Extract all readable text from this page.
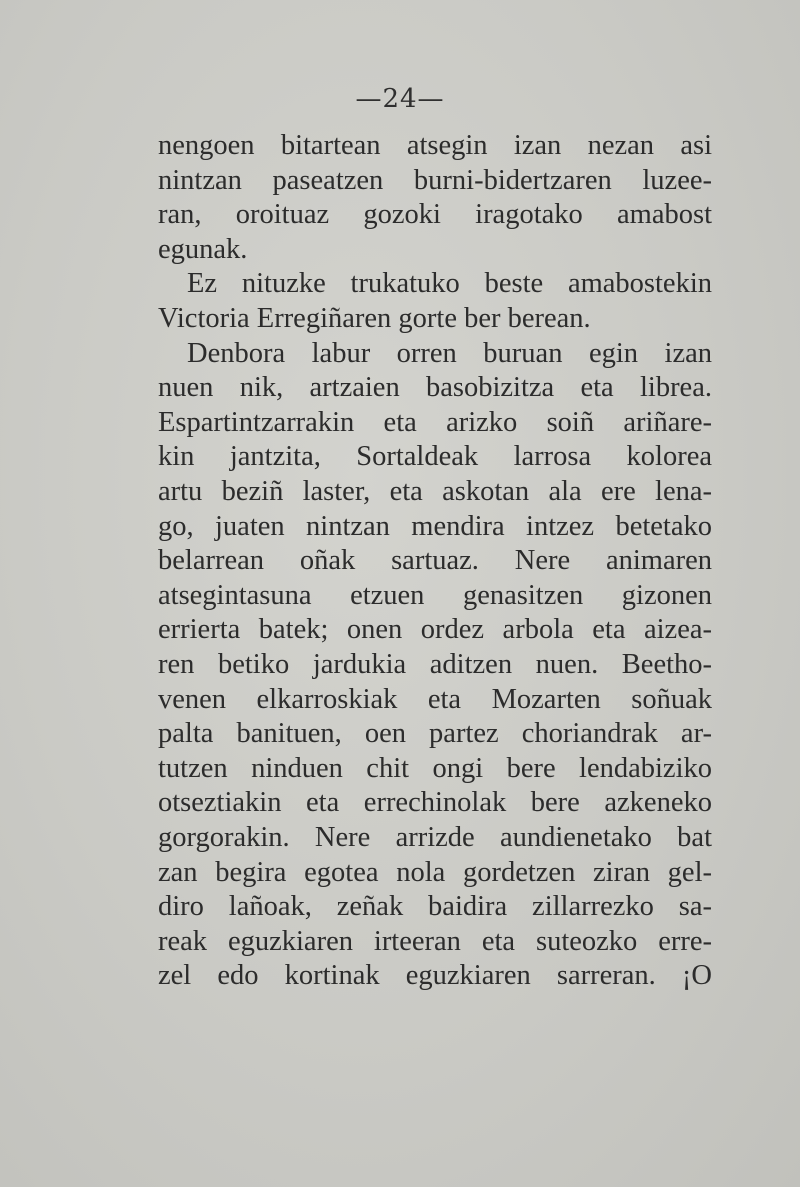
—24—
nengoen bitartean atsegin izan nezan asi
nintzan paseatzen burni-bidertzaren luzee-
ran, oroituaz gozoki iragotako amabost
egunak.
Ez nituzke trukatuko beste amabostekin
Victoria Erregiñaren gorte ber berean.
Denbora labur orren buruan egin izan
nuen nik, artzaien basobizitza eta librea.
Espartintzarrakin eta arizko soiñ ariñare-
kin jantzita, Sortaldeak larrosa kolorea
artu beziñ laster, eta askotan ala ere lena-
go, juaten nintzan mendira intzez betetako
belarrean oñak sartuaz. Nere animaren
atsegintasuna etzuen genasitzen gizonen
errierta batek; onen ordez arbola eta aizea-
ren betiko jardukia aditzen nuen. Beetho-
venen elkarroskiak eta Mozarten soñuak
palta banituen, oen partez choriandrak ar-
tutzen ninduen chit ongi bere lendabiziko
otseztiakin eta errechinolak bere azkeneko
gorgorakin. Nere arrizde aundienetako bat
zan begira egotea nola gordetzen ziran gel-
diro lañoak, zeñak baidira zillarrezko sa-
reak eguzkiaren irteeran eta suteozko erre-
zel edo kortinak eguzkiaren sarreran. ¡O
